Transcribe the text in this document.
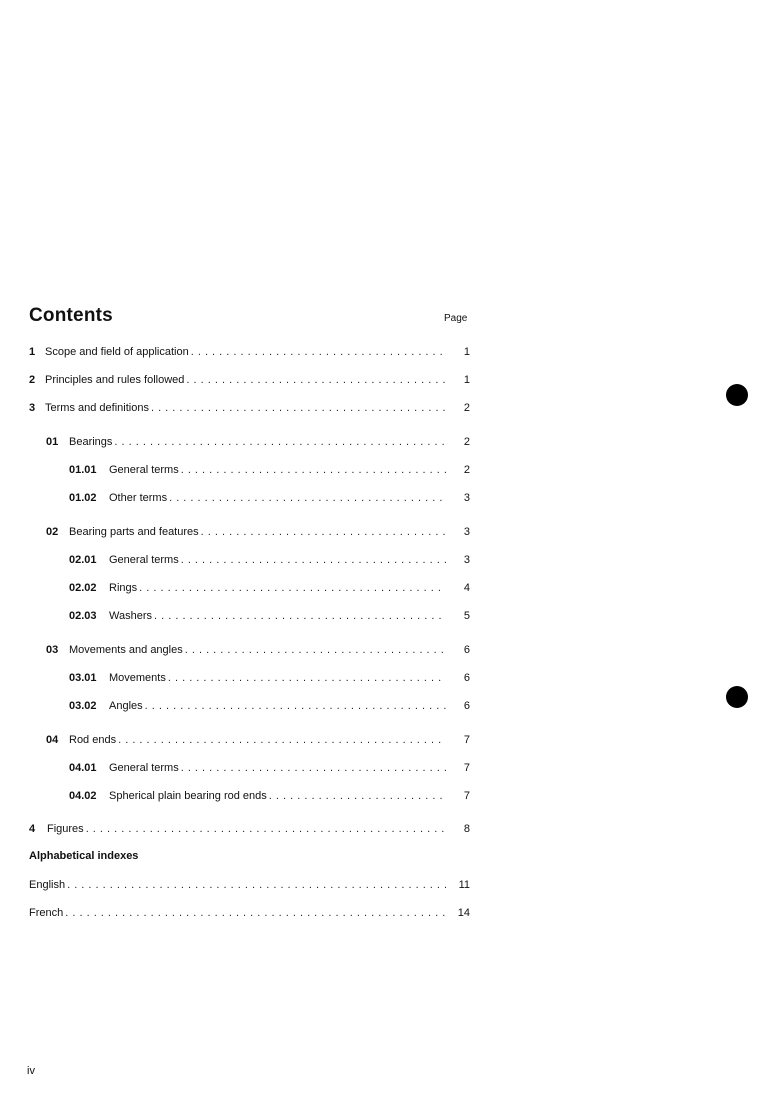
Contents	Page
1 Scope and field of application . . .	1
2 Principles and rules followed . . .	1
3 Terms and definitions . . .	2
01 Bearings . . .	2
01.01	General terms . . .	2
01.02	Other terms . . .	3
02 Bearing parts and features . . .	3
02.01	General terms . . .	3
02.02	Rings . . .	4
02.03	Washers . . .	5
03 Movements and angles . . .	6
03.01	Movements . . .	6
03.02	Angles . . .	6
04 Rod ends . . .	7
04.01	General terms . . .	7
04.02	Spherical plain bearing rod ends . . .	7
4	Figures . . .	8
Alphabetical indexes
English . . .	11
French . . .	14
iv
